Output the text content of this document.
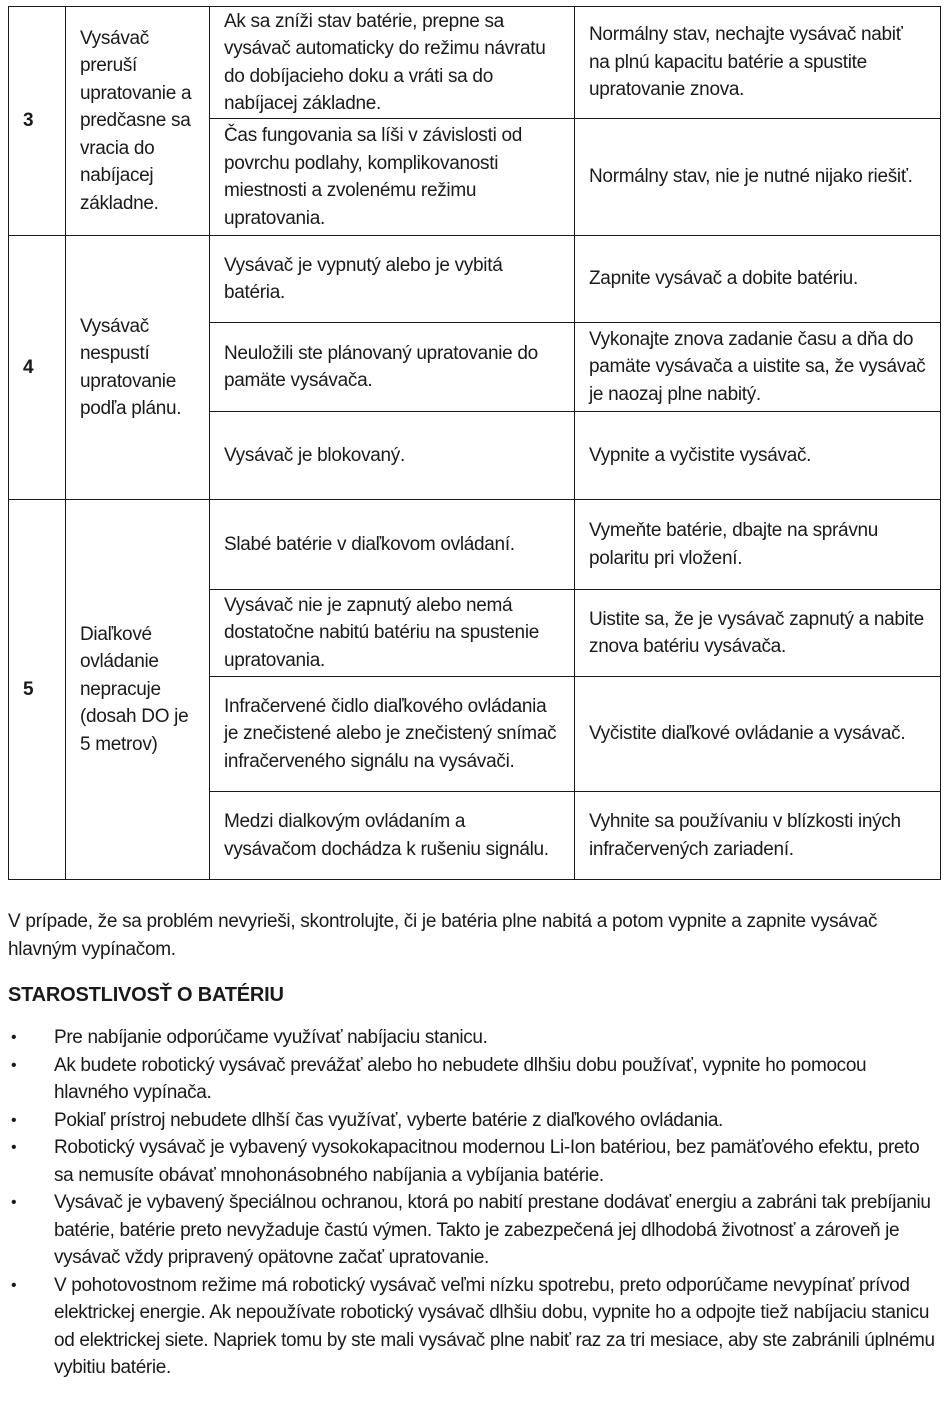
3	Vysávač preruší upratovanie a predčasne sa vracia do nabíjacej základne.	Ak sa zníži stav batérie, prepne sa vysávač automaticky do režimu návratu do dobíjacieho doku a vráti sa do nabíjacej základne.	Normálny stav, nechajte vysávač nabiť na plnú kapacitu batérie a spustite upratovanie znova.
		Čas fungovania sa líši v závislosti od povrchu podlahy, komplikovanosti miestnosti a zvolenému režimu upratovania.	Normálny stav, nie je nutné nijako riešiť.
4	Vysávač nespustí upratovanie podľa plánu.	Vysávač je vypnutý alebo je vybitá batéria.	Zapnite vysávač a dobite batériu.
		Neuložili ste plánovaný upratovanie do pamäte vysávača.	Vykonajte znova zadanie času a dňa do pamäte vysávača a uistite sa, že vysávač je naozaj plne nabitý.
		Vysávač je blokovaný.	Vypnite a vyčistite vysávač.
5	Diaľkové ovládanie nepracuje (dosah DO je 5 metrov)	Slabé batérie v diaľkovom ovládaní.	Vymeňte batérie, dbajte na správnu polaritu pri vložení.
		Vysávač nie je zapnutý alebo nemá dostatočne nabitú batériu na spustenie upratovania.	Uistite sa, že je vysávač zapnutý a nabite znova batériu vysávača.
		Infračervené čidlo diaľkového ovládania je znečistené alebo je znečistený snímač infračerveného signálu na vysávači.	Vyčistite diaľkové ovládanie a vysávač.
		Medzi dialkovým ovládaním a vysávačom dochádza k rušeniu signálu.	Vyhnite sa používaniu v blízkosti iných infračervených zariadení.

V prípade, že sa problém nevyrieši, skontrolujte, či je batéria plne nabitá a potom vypnite a zapnite vysávač hlavným vypínačom.

STAROSTLIVOSŤ O BATÉRIU
• Pre nabíjanie odporúčame využívať nabíjaciu stanicu.
• Ak budete robotický vysávač prevážať alebo ho nebudete dlhšiu dobu používať, vypnite ho pomocou hlavného vypínača.
• Pokiaľ prístroj nebudete dlhší čas využívať, vyberte batérie z diaľkového ovládania.
• Robotický vysávač je vybavený vysokokapacitnou modernou Li-Ion batériou, bez pamäťového efektu, preto sa nemusíte obávať mnohonásobného nabíjania a vybíjania batérie.
• Vysávač je vybavený špeciálnou ochranou, ktorá po nabití prestane dodávať energiu a zabráni tak prebíjaniu batérie, batérie preto nevyžaduje častú výmen. Takto je zabezpečená jej dlhodobá životnosť a zároveň je vysávač vždy pripravený opätovne začať upratovanie.
• V pohotovostnom režime má robotický vysávač veľmi nízku spotrebu, preto odporúčame nevypínať prívod elektrickej energie. Ak nepoužívate robotický vysávač dlhšiu dobu, vypnite ho a odpojte tiež nabíjaciu stanicu od elektrickej siete. Napriek tomu by ste mali vysávač plne nabiť raz za tri mesiace, aby ste zabránili úplnému vybitiu batérie.
